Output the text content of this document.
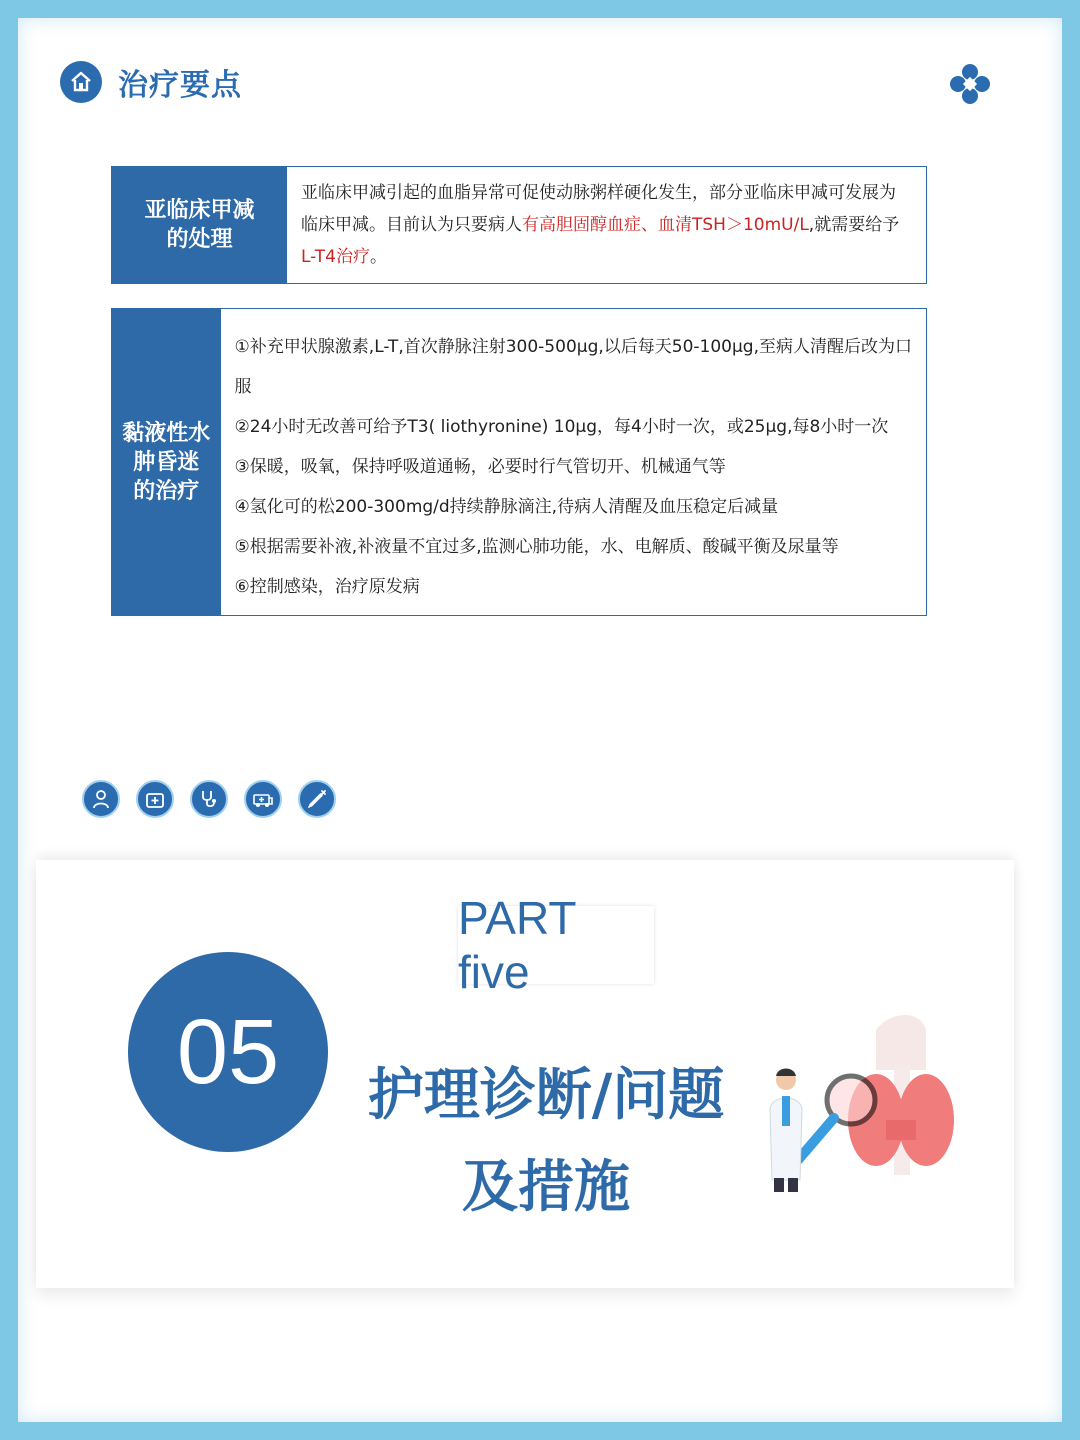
治疗要点
亚临床甲减
的处理
亚临床甲减引起的血脂异常可促使动脉粥样硬化发生，部分亚临床甲减可发展为临床甲减。目前认为只要病人有高胆固醇血症、血清TSH＞10mU/L,就需要给予L-T4治疗。
黏液性水肿昏迷
的治疗
①补充甲状腺激素,L-T,首次静脉注射300-500μg,以后每天50-100μg,至病人清醒后改为口
服
②24小时无改善可给予T3( liothyronine) 10μg，每4小时一次，或25μg,每8小时一次
③保暖，吸氧，保持呼吸道通畅，必要时行气管切开、机械通气等
④氢化可的松200-300mg/d持续静脉滴注,待病人清醒及血压稳定后减量
⑤根据需要补液,补液量不宜过多,监测心肺功能，水、电解质、酸碱平衡及尿量等
⑥控制感染，治疗原发病
05
PART five
护理诊断/问题
及措施
